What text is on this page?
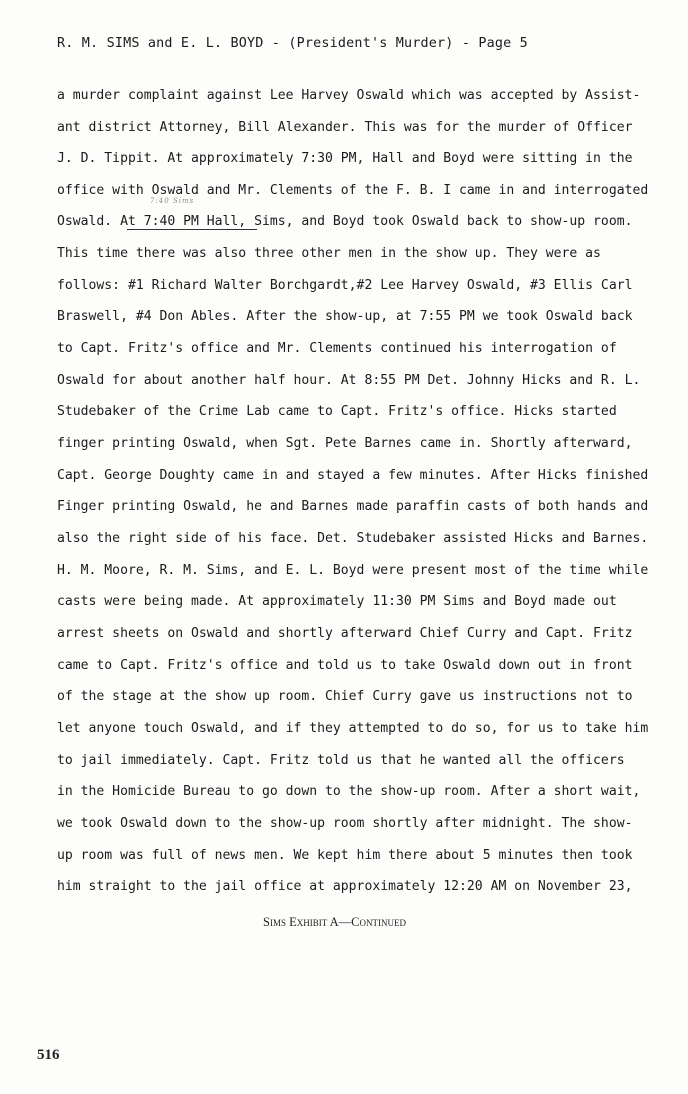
R. M. SIMS and E. L. BOYD - (President's Murder) - Page 5
7:40 Sims
a murder complaint against Lee Harvey Oswald which was accepted by Assist-
ant district Attorney, Bill Alexander. This was for the murder of Officer
J. D. Tippit. At approximately 7:30 PM, Hall and Boyd were sitting in the
office with Oswald and Mr. Clements of the F. B. I came in and interrogated
Oswald. At 7:40 PM Hall, Sims, and Boyd took Oswald back to show-up room.
This time there was also three other men in the show up. They were as
follows: #1 Richard Walter Borchgardt,#2 Lee Harvey Oswald, #3 Ellis Carl
Braswell, #4 Don Ables. After the show-up, at 7:55 PM we took Oswald back
to Capt. Fritz's office and Mr. Clements continued his interrogation of
Oswald for about another half hour. At 8:55 PM Det. Johnny Hicks and R. L.
Studebaker of the Crime Lab came to Capt. Fritz's office. Hicks started
finger printing Oswald, when Sgt. Pete Barnes came in. Shortly afterward,
Capt. George Doughty came in and stayed a few minutes. After Hicks finished
Finger printing Oswald, he and Barnes made paraffin casts of both hands and
also the right side of his face. Det. Studebaker assisted Hicks and Barnes.
H. M. Moore, R. M. Sims, and E. L. Boyd were present most of the time while
casts were being made. At approximately 11:30 PM Sims and Boyd made out
arrest sheets on Oswald and shortly afterward Chief Curry and Capt. Fritz
came to Capt. Fritz's office and told us to take Oswald down out in front
of the stage at the show up room. Chief Curry gave us instructions not to
let anyone touch Oswald, and if they attempted to do so, for us to take him
to jail immediately. Capt. Fritz told us that he wanted all the officers
in the Homicide Bureau to go down to the show-up room. After a short wait,
we took Oswald down to the show-up room shortly after midnight. The show-
up room was full of news men. We kept him there about 5 minutes then took
him straight to the jail office at approximately 12:20 AM on November 23,
Sims Exhibit A—Continued
516
